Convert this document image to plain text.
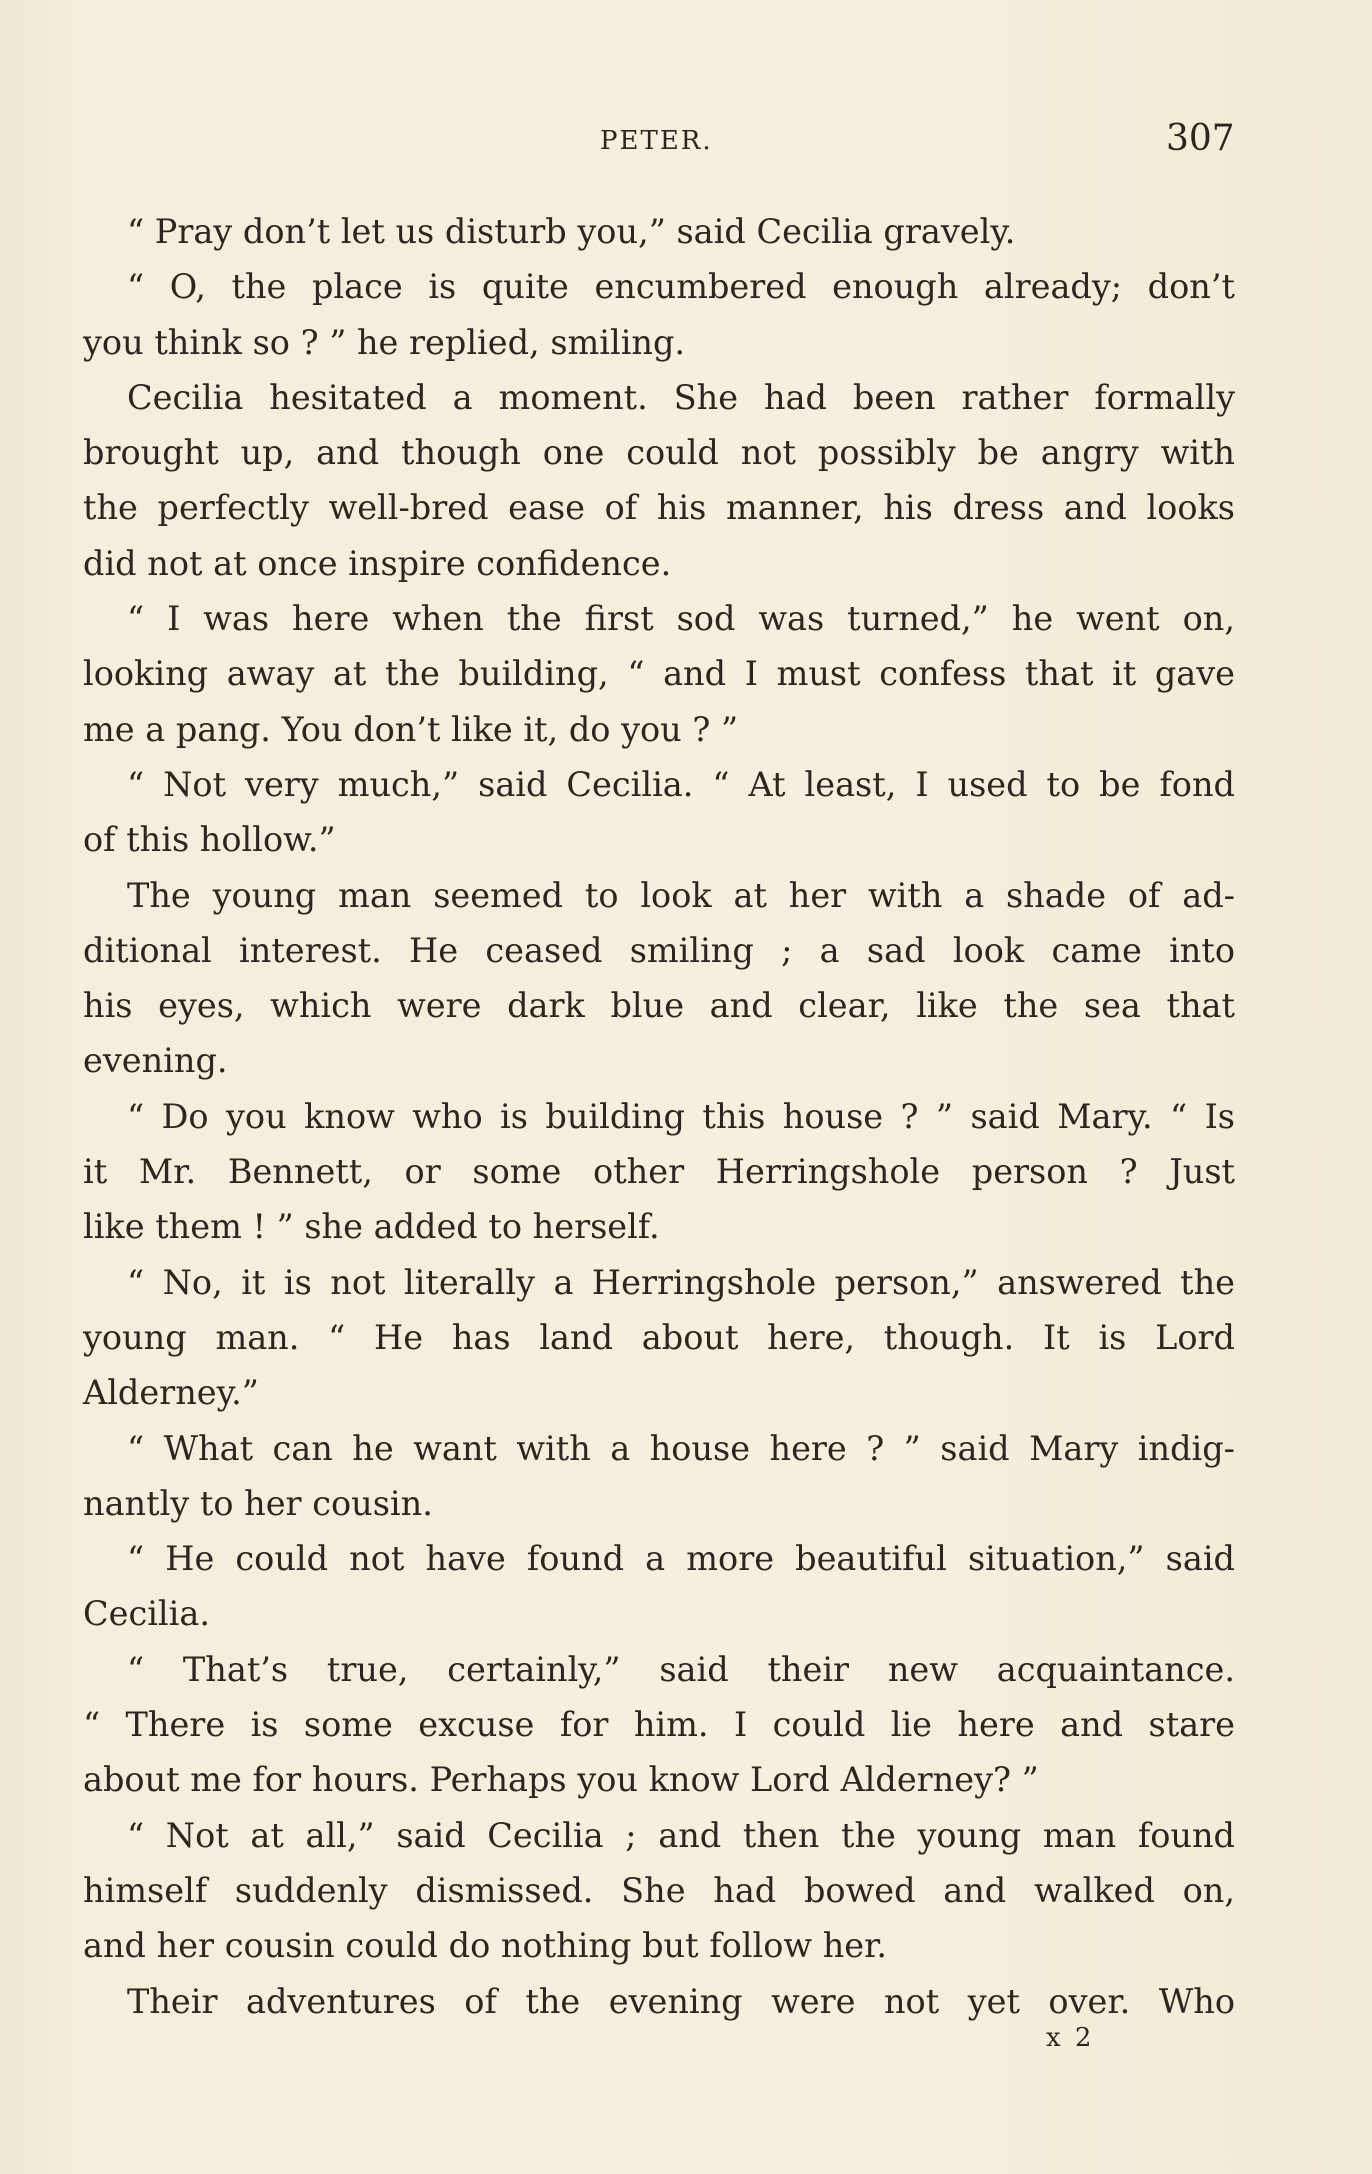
PETER.	307
“ Pray don’t let us disturb you,” said Cecilia gravely.
“ O, the place is quite encumbered enough already; don’t
you think so ? ” he replied, smiling.
Cecilia hesitated a moment. She had been rather formally
brought up, and though one could not possibly be angry with
the perfectly well-bred ease of his manner, his dress and looks
did not at once inspire confidence.
“ I was here when the first sod was turned,” he went on,
looking away at the building, “ and I must confess that it gave
me a pang. You don’t like it, do you ? ”
“ Not very much,” said Cecilia. “ At least, I used to be fond
of this hollow.”
The young man seemed to look at her with a shade of ad-
ditional interest. He ceased smiling ; a sad look came into
his eyes, which were dark blue and clear, like the sea that
evening.
“ Do you know who is building this house ? ” said Mary. “ Is
it Mr. Bennett, or some other Herringshole person ? Just
like them ! ” she added to herself.
“ No, it is not literally a Herringshole person,” answered the
young man. “ He has land about here, though. It is Lord
Alderney.”
“ What can he want with a house here ? ” said Mary indig-
nantly to her cousin.
“ He could not have found a more beautiful situation,” said
Cecilia.
“ That’s true, certainly,” said their new acquaintance.
“ There is some excuse for him. I could lie here and stare
about me for hours. Perhaps you know Lord Alderney? ”
“ Not at all,” said Cecilia ; and then the young man found
himself suddenly dismissed. She had bowed and walked on,
and her cousin could do nothing but follow her.
Their adventures of the evening were not yet over. Who
x 2
